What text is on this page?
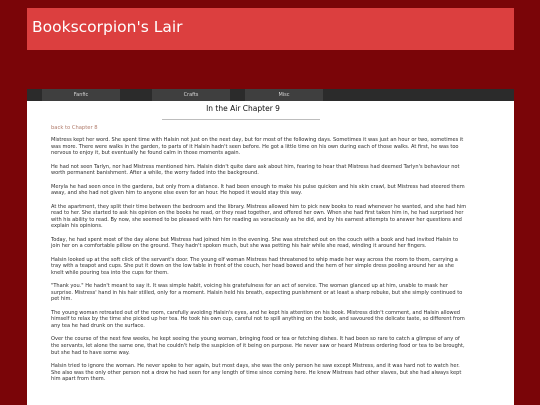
Bookscorpion's Lair
Fanfic	Crafts	Misc
In the Air Chapter 9
back to Chapter 8

Mistress kept her word. She spent time with Halsin not just on the next day, but for most of the following days. Sometimes it was just an hour or two, sometimes it was more. There were walks in the garden, to parts of it Halsin hadn't seen before. He got a little time on his own during each of those walks. At first, he was too nervous to enjoy it, but eventually he found calm in those moments again.

He had not seen Tarlyn, nor had Mistress mentioned him. Halsin didn't quite dare ask about him, fearing to hear that Mistress had deemed Tarlyn's behaviour not worth permanent banishment. After a while, the worry faded into the background.

Meryla he had seen once in the gardens, but only from a distance. It had been enough to make his pulse quicken and his skin crawl, but Mistress had steered them away, and she had not given him to anyone else even for an hour. He hoped it would stay this way.

At the apartment, they split their time between the bedroom and the library. Mistress allowed him to pick new books to read whenever he wanted, and she had him read to her. She started to ask his opinion on the books he read, or they read together, and offered her own. When she had first taken him in, he had surprised her with his ability to read. By now, she seemed to be pleased with him for reading as voraciously as he did, and by his earnest attempts to answer her questions and explain his opinions.

Today, he had spent most of the day alone but Mistress had joined him in the evening. She was stretched out on the couch with a book and had invited Halsin to join her on a comfortable pillow on the ground. They hadn't spoken much, but she was petting his hair while she read, winding it around her fingers.

Halsin looked up at the soft click of the servant's door. The young elf woman Mistress had threatened to whip made her way across the room to them, carrying a tray with a teapot and cups. She put it down on the low table in front of the couch, her head bowed and the hem of her simple dress pooling around her as she knelt while pouring tea into the cups for them.

"Thank you." He hadn't meant to say it. It was simple habit, voicing his gratefulness for an act of service. The woman glanced up at him, unable to mask her surprise. Mistress' hand in his hair stilled, only for a moment. Halsin held his breath, expecting punishment or at least a sharp rebuke, but she simply continued to pet him.

The young woman retreated out of the room, carefully avoiding Halsin's eyes, and he kept his attention on his book. Mistress didn't comment, and Halsin allowed himself to relax by the time she picked up her tea. He took his own cup, careful not to spill anything on the book, and savoured the delicate taste, so different from any tea he had drunk on the surface.

Over the course of the next few weeks, he kept seeing the young woman, bringing food or tea or fetching dishes. It had been so rare to catch a glimpse of any of the servants, let alone the same one, that he couldn't help the suspicion of it being on purpose. He never saw or heard Mistress ordering food or tea to be brought, but she had to have some way.

Halsin tried to ignore the woman. He never spoke to her again, but most days, she was the only person he saw except Mistress, and it was hard not to watch her. She also was the only other person not a drow he had seen for any length of time since coming here. He knew Mistress had other slaves, but she had always kept him apart from them.
